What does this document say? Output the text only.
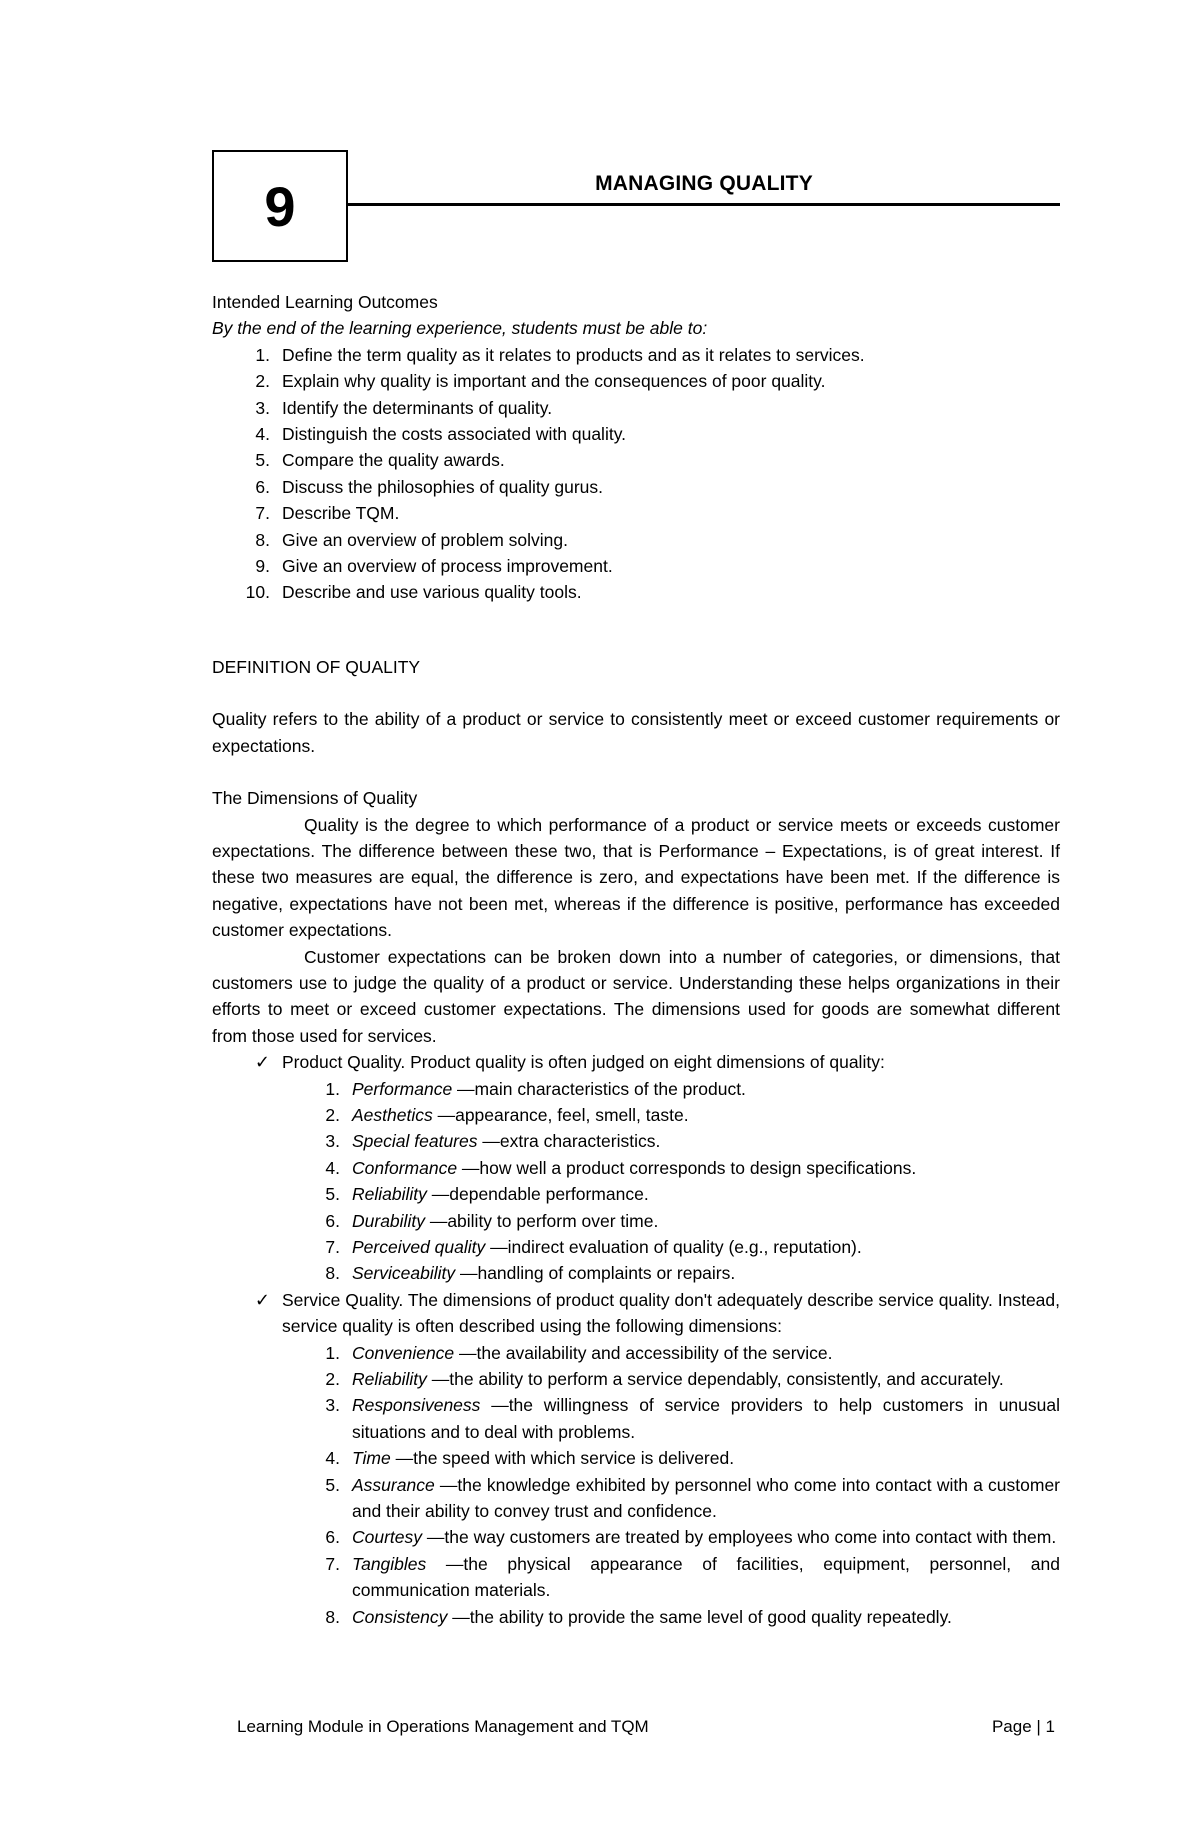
9	MANAGING QUALITY

Intended Learning Outcomes

By the end of the learning experience, students must be able to:

1. Define the term quality as it relates to products and as it relates to services.
2. Explain why quality is important and the consequences of poor quality.
3. Identify the determinants of quality.
4. Distinguish the costs associated with quality.
5. Compare the quality awards.
6. Discuss the philosophies of quality gurus.
7. Describe TQM.
8. Give an overview of problem solving.
9. Give an overview of process improvement.
10. Describe and use various quality tools.

DEFINITION OF QUALITY

Quality refers to the ability of a product or service to consistently meet or exceed customer requirements or expectations.

The Dimensions of Quality

Quality is the degree to which performance of a product or service meets or exceeds customer expectations. The difference between these two, that is Performance – Expectations, is of great interest. If these two measures are equal, the difference is zero, and expectations have been met. If the difference is negative, expectations have not been met, whereas if the difference is positive, performance has exceeded customer expectations.

Customer expectations can be broken down into a number of categories, or dimensions, that customers use to judge the quality of a product or service. Understanding these helps organizations in their efforts to meet or exceed customer expectations. The dimensions used for goods are somewhat different from those used for services.

✓ Product Quality. Product quality is often judged on eight dimensions of quality:
1. Performance —main characteristics of the product.
2. Aesthetics —appearance, feel, smell, taste.
3. Special features —extra characteristics.
4. Conformance —how well a product corresponds to design specifications.
5. Reliability —dependable performance.
6. Durability —ability to perform over time.
7. Perceived quality —indirect evaluation of quality (e.g., reputation).
8. Serviceability —handling of complaints or repairs.
✓ Service Quality. The dimensions of product quality don't adequately describe service quality. Instead, service quality is often described using the following dimensions:
1. Convenience —the availability and accessibility of the service.
2. Reliability —the ability to perform a service dependably, consistently, and accurately.
3. Responsiveness —the willingness of service providers to help customers in unusual situations and to deal with problems.
4. Time —the speed with which service is delivered.
5. Assurance —the knowledge exhibited by personnel who come into contact with a customer and their ability to convey trust and confidence.
6. Courtesy —the way customers are treated by employees who come into contact with them.
7. Tangibles —the physical appearance of facilities, equipment, personnel, and communication materials.
8. Consistency —the ability to provide the same level of good quality repeatedly.
Learning Module in Operations Management and TQM	Page | 1
